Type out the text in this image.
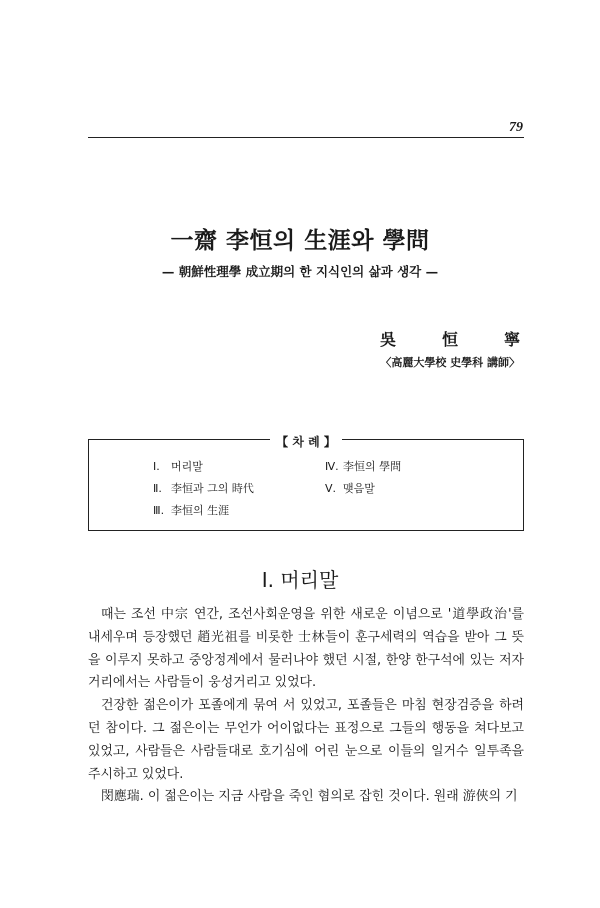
79
一齋 李恒의 生涯와 學問
— 朝鮮性理學 成立期의 한 지식인의 삶과 생각 —
吳	恒	寧
〈高麗大學校 史學科 講師〉
【 차 례 】
Ⅰ. 머리말
Ⅱ. 李恒과 그의 時代
Ⅲ. 李恒의 生涯
Ⅳ. 李恒의 學問
Ⅴ. 맺음말
Ⅰ. 머리말

때는 조선 中宗 연간, 조선사회운영을 위한 새로운 이념으로 '道學政治'를 내세우며 등장했던 趙光祖를 비롯한 士林들이 훈구세력의 역습을 받아 그 뜻을 이루지 못하고 중앙정계에서 물러나야 했던 시절, 한양 한구석에 있는 저자거리에서는 사람들이 웅성거리고 있었다.

건장한 젊은이가 포졸에게 묶여 서 있었고, 포졸들은 마침 현장검증을 하려던 참이다. 그 젊은이는 무언가 어이없다는 표정으로 그들의 행동을 쳐다보고 있었고, 사람들은 사람들대로 호기심에 어린 눈으로 이들의 일거수 일투족을 주시하고 있었다.

閔應瑞. 이 젊은이는 지금 사람을 죽인 혐의로 잡힌 것이다. 원래 游俠의 기
